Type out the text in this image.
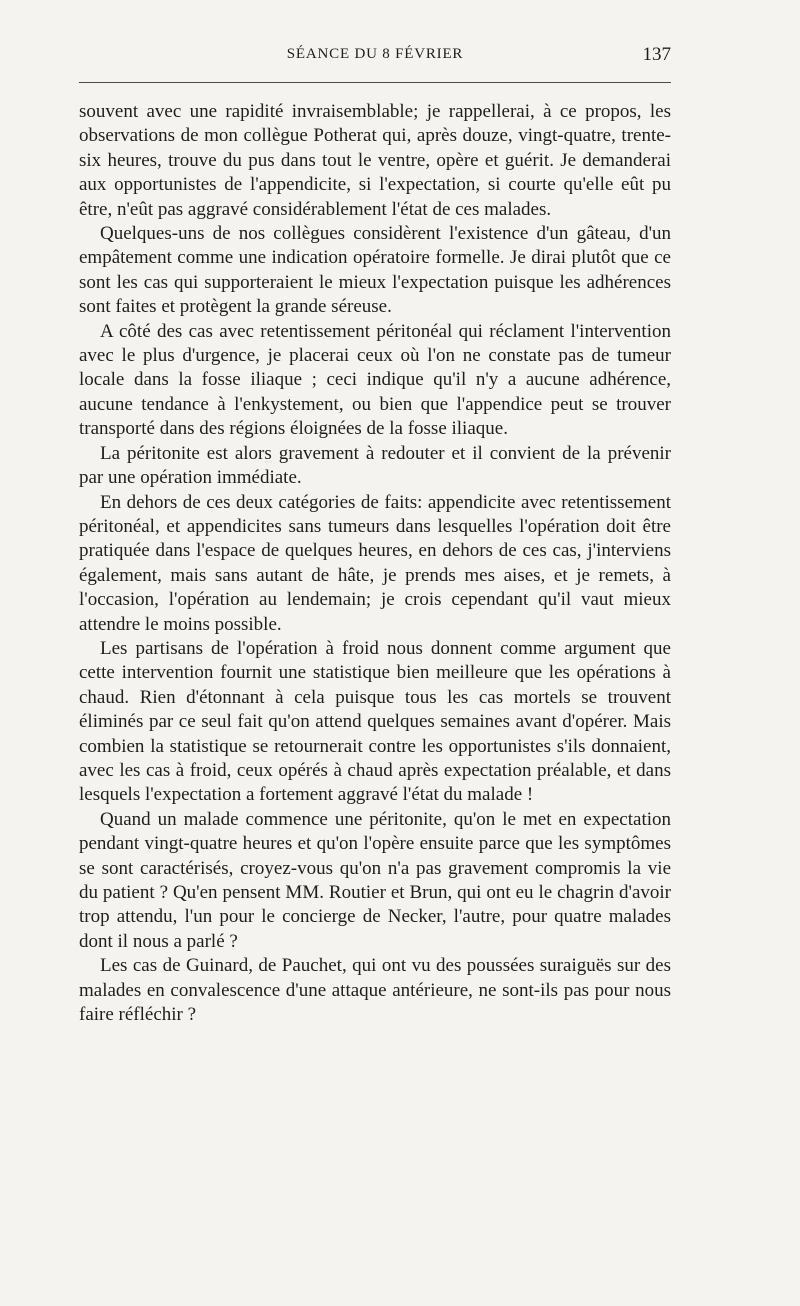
SÉANCE DU 8 FÉVRIER	137

souvent avec une rapidité invraisemblable; je rappellerai, à ce propos, les observations de mon collègue Potherat qui, après douze, vingt-quatre, trente-six heures, trouve du pus dans tout le ventre, opère et guérit. Je demanderai aux opportunistes de l'appendicite, si l'expectation, si courte qu'elle eût pu être, n'eût pas aggravé considérablement l'état de ces malades.

Quelques-uns de nos collègues considèrent l'existence d'un gâteau, d'un empâtement comme une indication opératoire formelle. Je dirai plutôt que ce sont les cas qui supporteraient le mieux l'expectation puisque les adhérences sont faites et protègent la grande séreuse.

A côté des cas avec retentissement péritonéal qui réclament l'intervention avec le plus d'urgence, je placerai ceux où l'on ne constate pas de tumeur locale dans la fosse iliaque ; ceci indique qu'il n'y a aucune adhérence, aucune tendance à l'enkystement, ou bien que l'appendice peut se trouver transporté dans des régions éloignées de la fosse iliaque.

La péritonite est alors gravement à redouter et il convient de la prévenir par une opération immédiate.

En dehors de ces deux catégories de faits: appendicite avec retentissement péritonéal, et appendicites sans tumeurs dans lesquelles l'opération doit être pratiquée dans l'espace de quelques heures, en dehors de ces cas, j'interviens également, mais sans autant de hâte, je prends mes aises, et je remets, à l'occasion, l'opération au lendemain; je crois cependant qu'il vaut mieux attendre le moins possible.

Les partisans de l'opération à froid nous donnent comme argument que cette intervention fournit une statistique bien meilleure que les opérations à chaud. Rien d'étonnant à cela puisque tous les cas mortels se trouvent éliminés par ce seul fait qu'on attend quelques semaines avant d'opérer. Mais combien la statistique se retournerait contre les opportunistes s'ils donnaient, avec les cas à froid, ceux opérés à chaud après expectation préalable, et dans lesquels l'expectation a fortement aggravé l'état du malade !

Quand un malade commence une péritonite, qu'on le met en expectation pendant vingt-quatre heures et qu'on l'opère ensuite parce que les symptômes se sont caractérisés, croyez-vous qu'on n'a pas gravement compromis la vie du patient ? Qu'en pensent MM. Routier et Brun, qui ont eu le chagrin d'avoir trop attendu, l'un pour le concierge de Necker, l'autre, pour quatre malades dont il nous a parlé ?

Les cas de Guinard, de Pauchet, qui ont vu des poussées suraiguës sur des malades en convalescence d'une attaque antérieure, ne sont-ils pas pour nous faire réfléchir ?
